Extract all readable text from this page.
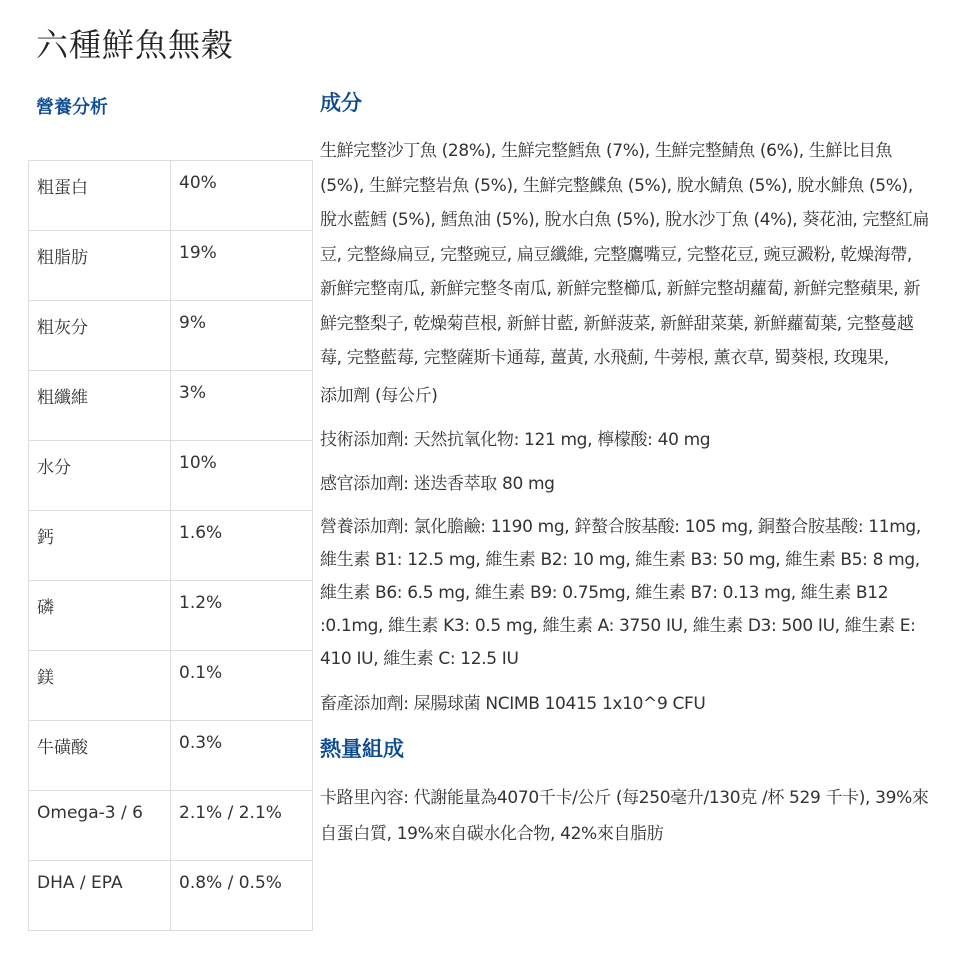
六種鮮魚無穀
營養分析
粗蛋白	40%
粗脂肪	19%
粗灰分	9%
粗纖維	3%
水分	10%
鈣	1.6%
磷	1.2%
鎂	0.1%
牛磺酸	0.3%
Omega-3 / 6	2.1% / 2.1%
DHA / EPA	0.8% / 0.5%
成分

生鮮完整沙丁魚 (28%), 生鮮完整鱈魚 (7%), 生鮮完整鯖魚 (6%), 生鮮比目魚 (5%), 生鮮完整岩魚 (5%), 生鮮完整鰈魚 (5%), 脫水鯖魚 (5%), 脫水鯡魚 (5%), 脫水藍鱈 (5%), 鱈魚油 (5%), 脫水白魚 (5%), 脫水沙丁魚 (4%), 葵花油, 完整紅扁豆, 完整綠扁豆, 完整豌豆, 扁豆纖維, 完整鷹嘴豆, 完整花豆, 豌豆澱粉, 乾燥海帶, 新鮮完整南瓜, 新鮮完整冬南瓜, 新鮮完整櫛瓜, 新鮮完整胡蘿蔔, 新鮮完整蘋果, 新鮮完整梨子, 乾燥菊苣根, 新鮮甘藍, 新鮮菠菜, 新鮮甜菜葉, 新鮮蘿蔔葉, 完整蔓越莓, 完整藍莓, 完整薩斯卡通莓, 薑黃, 水飛薊, 牛蒡根, 薰衣草, 蜀葵根, 玫瑰果,

添加劑 (每公斤)

技術添加劑: 天然抗氧化物: 121 mg, 檸檬酸: 40 mg

感官添加劑: 迷迭香萃取 80 mg

營養添加劑: 氯化膽鹼: 1190 mg, 鋅螯合胺基酸: 105 mg, 銅螯合胺基酸: 11mg, 維生素 B1: 12.5 mg, 維生素 B2: 10 mg, 維生素 B3: 50 mg, 維生素 B5: 8 mg, 維生素 B6: 6.5 mg, 維生素 B9: 0.75mg, 維生素 B7: 0.13 mg, 維生素 B12 :0.1mg, 維生素 K3: 0.5 mg, 維生素 A: 3750 IU, 維生素 D3: 500 IU, 維生素 E: 410 IU, 維生素 C: 12.5 IU

畜產添加劑: 屎腸球菌 NCIMB 10415 1x10^9 CFU

熱量組成

卡路里內容: 代謝能量為4070千卡/公斤 (每250毫升/130克 /杯 529 千卡), 39%來自蛋白質, 19%來自碳水化合物, 42%來自脂肪
